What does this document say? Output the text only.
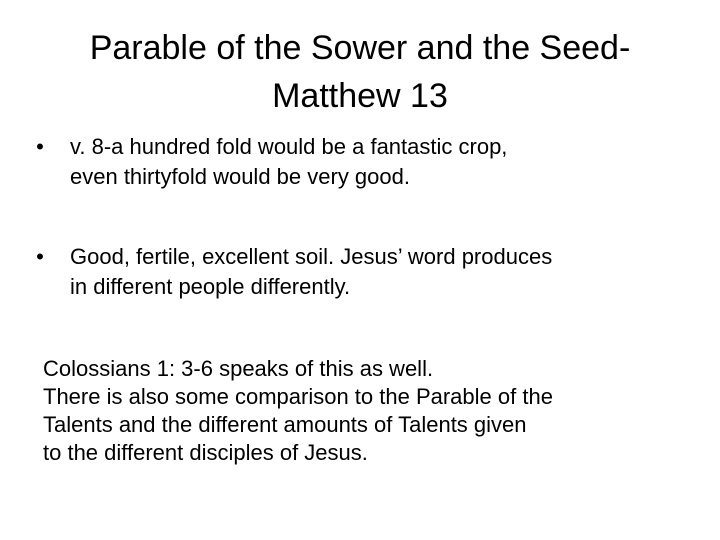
Parable of the Sower and the Seed-
Matthew 13
•	v. 8-a hundred fold would be a fantastic crop,
even thirtyfold would be very good.
•	Good, fertile, excellent soil. Jesus’ word produces
in different people differently.

Colossians 1: 3-6 speaks of this as well.
There is also some comparison to the Parable of the
Talents and the different amounts of Talents given
to the different disciples of Jesus.
